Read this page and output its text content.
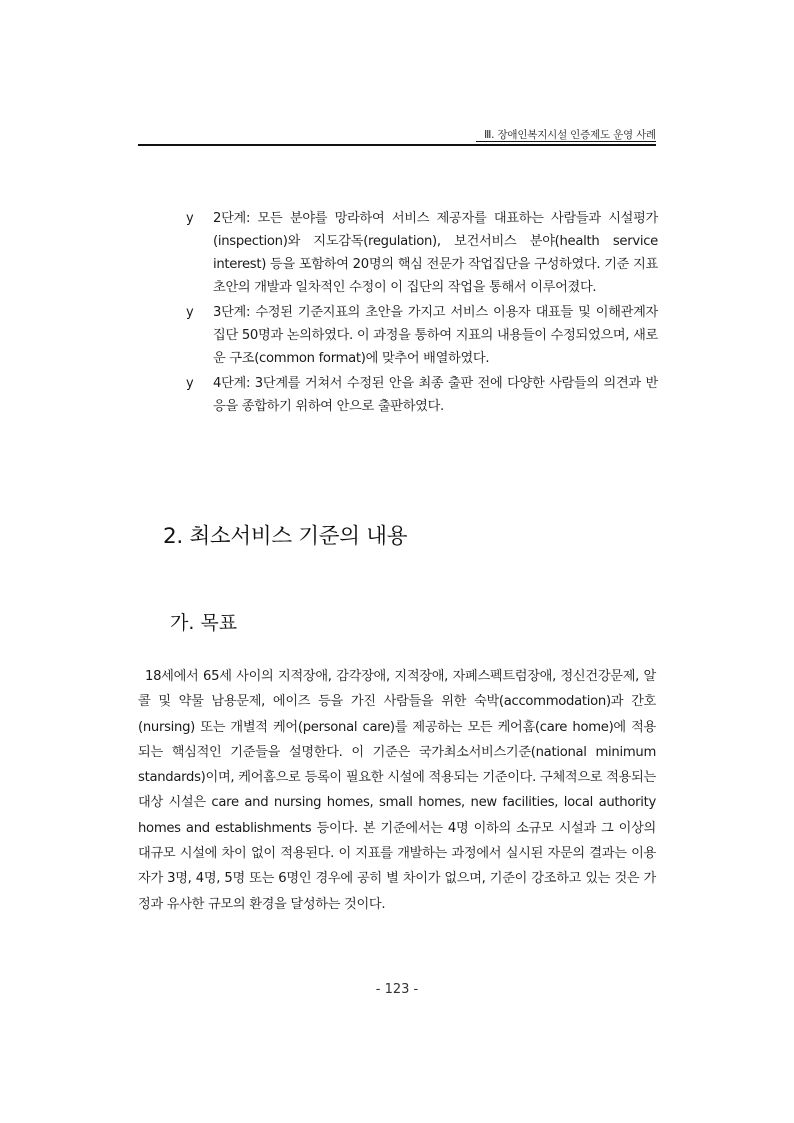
Ⅲ. 장애인복지시설 인증제도 운영 사례
y 2단계: 모든 분야를 망라하여 서비스 제공자를 대표하는 사람들과 시설평가(inspection)와 지도감독(regulation), 보건서비스 분야(health service interest) 등을 포함하여 20명의 핵심 전문가 작업집단을 구성하였다. 기준 지표 초안의 개발과 일차적인 수정이 이 집단의 작업을 통해서 이루어졌다.
y 3단계: 수정된 기준지표의 초안을 가지고 서비스 이용자 대표들 및 이해관계자 집단 50명과 논의하였다. 이 과정을 통하여 지표의 내용들이 수정되었으며, 새로운 구조(common format)에 맞추어 배열하였다.
y 4단계: 3단계를 거쳐서 수정된 안을 최종 출판 전에 다양한 사람들의 의견과 반응을 종합하기 위하여 안으로 출판하였다.
2. 최소서비스 기준의 내용
가. 목표
18세에서 65세 사이의 지적장애, 감각장애, 지적장애, 자폐스펙트럼장애, 정신건강문제, 알콜 및 약물 남용문제, 에이즈 등을 가진 사람들을 위한 숙박(accommodation)과 간호(nursing) 또는 개별적 케어(personal care)를 제공하는 모든 케어홈(care home)에 적용되는 핵심적인 기준들을 설명한다. 이 기준은 국가최소서비스기준(national minimum standards)이며, 케어홈으로 등록이 필요한 시설에 적용되는 기준이다. 구체적으로 적용되는 대상 시설은 care and nursing homes, small homes, new facilities, local authority homes and establishments 등이다. 본 기준에서는 4명 이하의 소규모 시설과 그 이상의 대규모 시설에 차이 없이 적용된다. 이 지표를 개발하는 과정에서 실시된 자문의 결과는 이용자가 3명, 4명, 5명 또는 6명인 경우에 공히 별 차이가 없으며, 기준이 강조하고 있는 것은 가정과 유사한 규모의 환경을 달성하는 것이다.
- 123 -
